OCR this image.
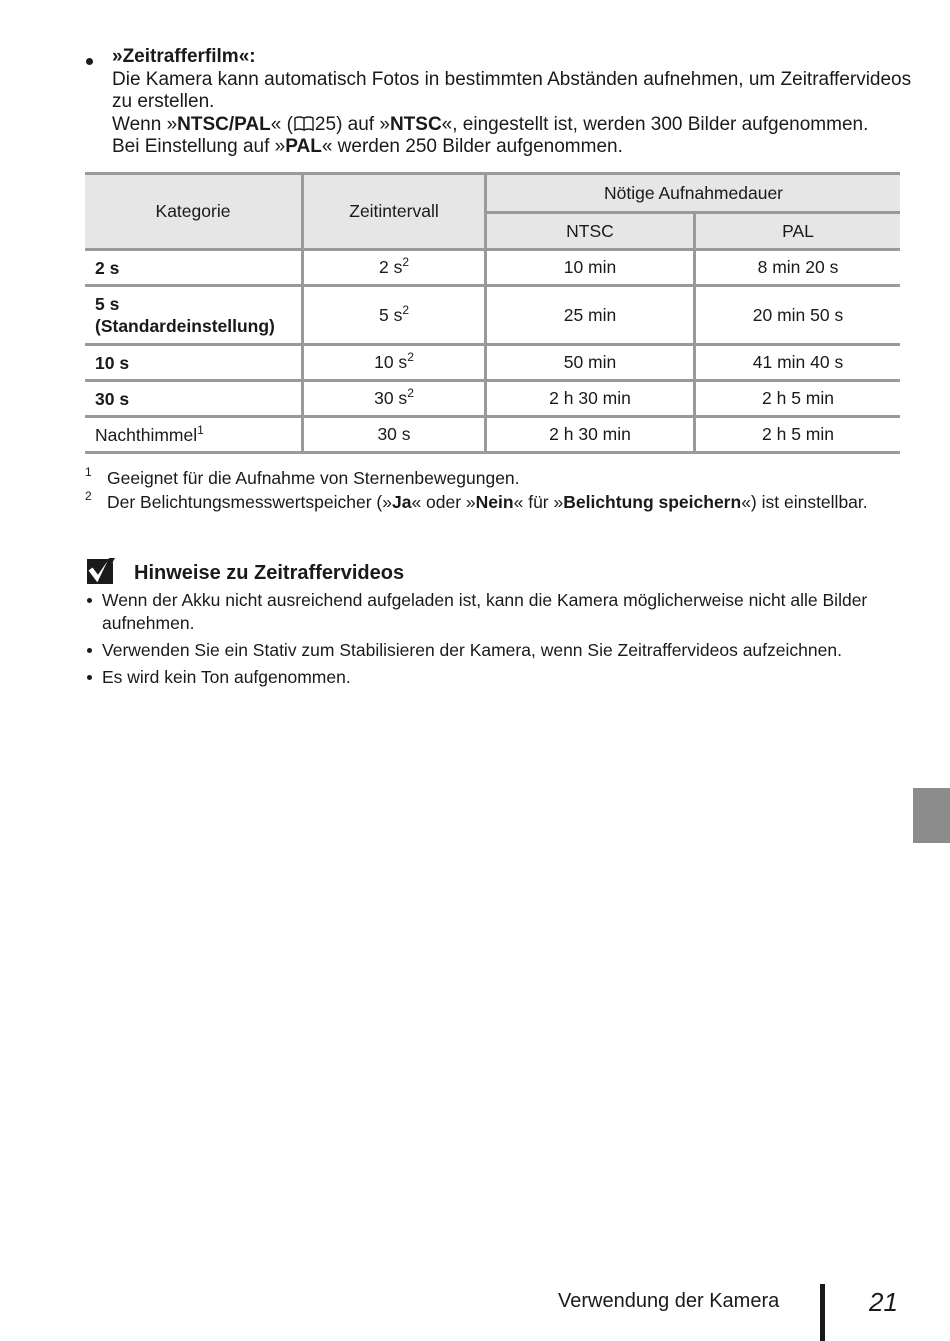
»Zeitrafferfilm«:
Die Kamera kann automatisch Fotos in bestimmten Abständen aufnehmen, um Zeitraffervideos zu erstellen.
Wenn »NTSC/PAL« ( 25) auf »NTSC«, eingestellt ist, werden 300 Bilder aufgenommen.
Bei Einstellung auf »PAL« werden 250 Bilder aufgenommen.
Kategorie	Zeitintervall	Nötige Aufnahmedauer	
		NTSC	PAL
2 s	2 $s^2$	10 min	8 min 20 s

5 s
(Standardeinstellung)	5 $s^2$	25 min	20 min 50 s
10 s	10 $s^2$	50 min	41 min 40 s
30 s	30 $s^2$	2 h 30 min	2 h 5 min
Nachthimmel$^1$	30 s	2 h 30 min	2 h 5 min
1 Geeignet für die Aufnahme von Sternenbewegungen.
2 Der Belichtungsmesswertspeicher (»Ja« oder »Nein« für »Belichtung speichern«) ist einstellbar.
Hinweise zu Zeitraffervideos
Wenn der Akku nicht ausreichend aufgeladen ist, kann die Kamera möglicherweise nicht alle Bilder aufnehmen.
Verwenden Sie ein Stativ zum Stabilisieren der Kamera, wenn Sie Zeitraffervideos aufzeichnen.
Es wird kein Ton aufgenommen.
Verwendung der Kamera	21
